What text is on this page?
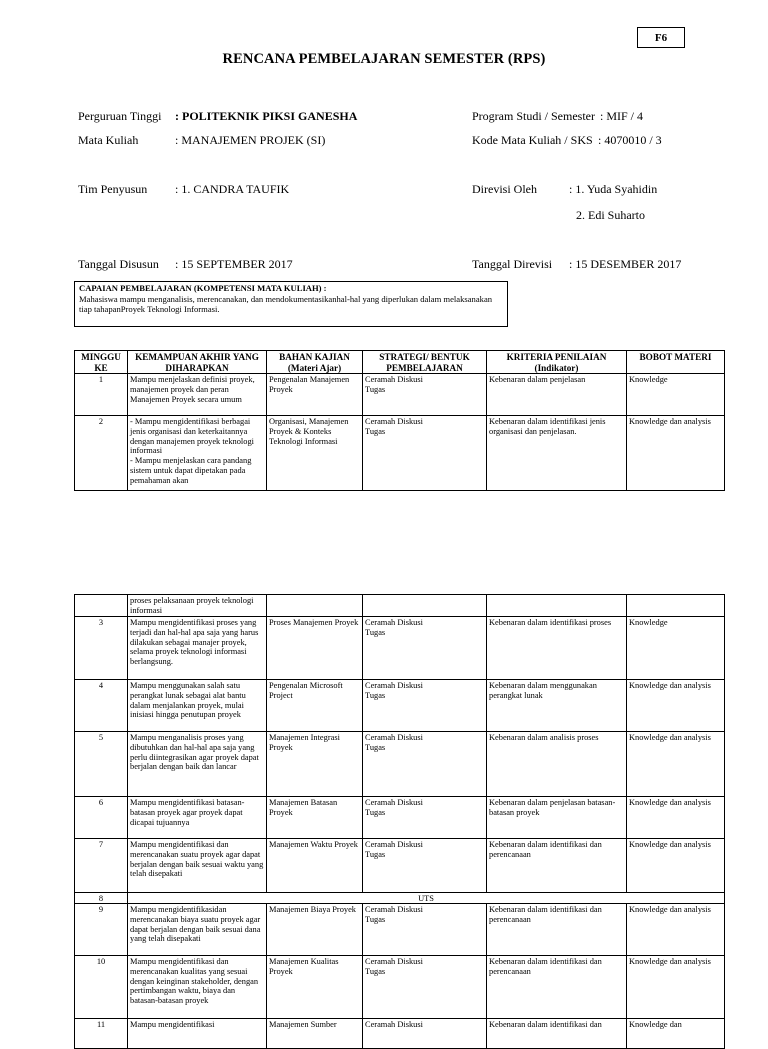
F6
RENCANA PEMBELAJARAN SEMESTER (RPS)
Perguruan Tinggi : POLITEKNIK PIKSI GANESHA	Program Studi / Semester : MIF / 4
Mata Kuliah	: MANAJEMEN PROJEK (SI)	Kode Mata Kuliah / SKS : 4070010 / 3
Tim Penyusun : 1. CANDRA TAUFIK	Direvisi Oleh	: 1. Yuda Syahidin
2. Edi Suharto
Tanggal Disusun : 15 SEPTEMBER 2017	Tanggal Direvisi : 15 DESEMBER 2017
CAPAIAN PEMBELAJARAN (KOMPETENSI MATA KULIAH) :
Mahasiswa mampu menganalisis, merencanakan, dan mendokumentasikanhal-hal yang diperlukan dalam melaksanakan tiap tahapanProyek Teknologi Informasi.
MINGGU KE	KEMAMPUAN AKHIR YANG DIHARAPKAN	BAHAN KAJIAN (Materi Ajar)	STRATEGI/ BENTUK PEMBELAJARAN	KRITERIA PENILAIAN (Indikator)	BOBOT MATERI
1	Mampu menjelaskan definisi proyek, manajemen proyek dan peran Manajemen Proyek secara umum	Pengenalan Manajemen Proyek	Ceramah Diskusi
Tugas	Kebenaran dalam penjelasan	Knowledge
2	- Mampu mengidentifikasi berbagai jenis organisasi dan keterkaitannya dengan manajemen proyek teknologi informasi
- Mampu menjelaskan cara pandang sistem untuk dapat dipetakan pada pemahaman akan	Organisasi, Manajemen Proyek & Konteks Teknologi Informasi	Ceramah Diskusi
Tugas	Kebenaran dalam identifikasi jenis organisasi dan penjelasan.	Knowledge dan analysis
	proses pelaksanaan proyek teknologi informasi				
3	Mampu mengidentifikasi proses yang terjadi dan hal-hal apa saja yang harus dilakukan sebagai manajer proyek, selama proyek teknologi informasi berlangsung.	Proses Manajemen Proyek	Ceramah Diskusi
Tugas	Kebenaran dalam identifikasi proses	Knowledge
4	Mampu menggunakan salah satu perangkat lunak sebagai alat bantu dalam menjalankan proyek, mulai inisiasi hingga penutupan proyek	Pengenalan Microsoft Project	Ceramah Diskusi
Tugas	Kebenaran dalam menggunakan perangkat lunak	Knowledge dan analysis
5	Mampu menganalisis proses yang dibutuhkan dan hal-hal apa saja yang perlu diintegrasikan agar proyek dapat berjalan dengan baik dan lancar	Manajemen Integrasi
Proyek	Ceramah Diskusi
Tugas	Kebenaran dalam analisis proses	Knowledge dan analysis
6	Mampu mengidentifikasi batasan-batasan proyek agar proyek dapat dicapai tujuannya	Manajemen Batasan Proyek	Ceramah Diskusi
Tugas	Kebenaran dalam penjelasan batasan-batasan proyek	Knowledge dan analysis
7	Mampu mengidentifikasi dan merencanakan suatu proyek agar dapat berjalan dengan baik sesuai waktu yang telah disepakati	Manajemen Waktu Proyek	Ceramah Diskusi
Tugas	Kebenaran dalam identifikasi dan perencanaan	Knowledge dan analysis
8	UTS				
9	Mampu mengidentifikasidan merencanakan biaya suatu proyek agar dapat berjalan dengan baik sesuai dana yang telah disepakati	Manajemen Biaya Proyek	Ceramah Diskusi
Tugas	Kebenaran dalam identifikasi dan perencanaan	Knowledge dan analysis
10	Mampu mengidentifikasi dan merencanakan kualitas yang sesuai dengan keinginan stakeholder, dengan pertimbangan waktu, biaya dan batasan-batasan proyek	Manajemen Kualitas Proyek	Ceramah Diskusi
Tugas	Kebenaran dalam identifikasi dan perencanaan	Knowledge dan analysis
11	Mampu mengidentifikasi	Manajemen Sumber	Ceramah Diskusi	Kebenaran dalam identifikasi dan	Knowledge dan
